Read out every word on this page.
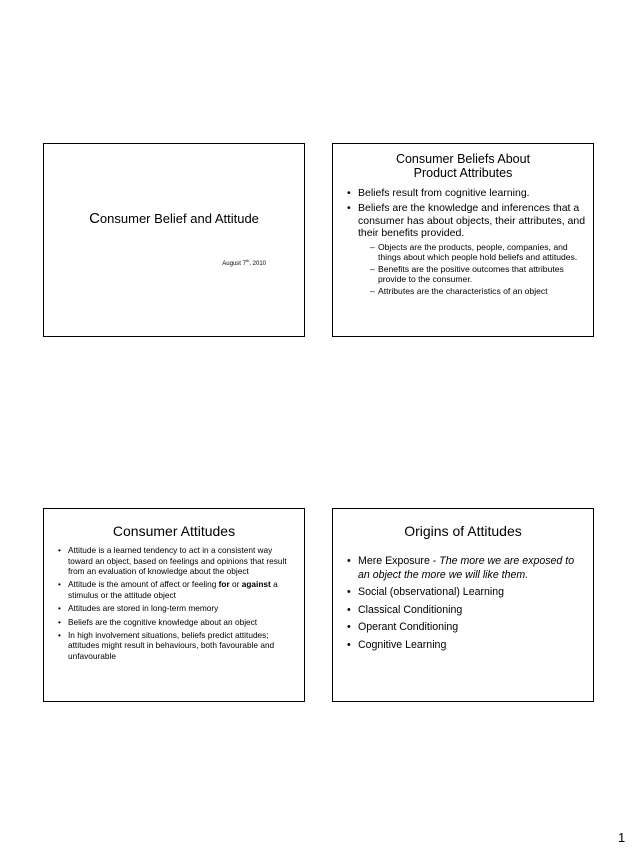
Consumer Belief and Attitude
August 7th, 2010
Consumer Beliefs About
Product Attributes
• Beliefs result from cognitive learning.
• Beliefs are the knowledge and inferences that a consumer has about objects, their attributes, and their benefits provided.
– Objects are the products, people, companies, and things about which people hold beliefs and attitudes.
– Benefits are the positive outcomes that attributes provide to the consumer.
– Attributes are the characteristics of an object
Consumer Attitudes
• Attitude is a learned tendency to act in a consistent way toward an object, based on feelings and opinions that result from an evaluation of knowledge about the object
• Attitude is the amount of affect or feeling for or against a stimulus or the attitude object
• Attitudes are stored in long-term memory
• Beliefs are the cognitive knowledge about an object
• In high involvement situations, beliefs predict attitudes; attitudes might result in behaviours, both favourable and unfavourable
Origins of Attitudes
• Mere Exposure - The more we are exposed to an object the more we will like them.
• Social (observational) Learning
• Classical Conditioning
• Operant Conditioning
• Cognitive Learning
1
